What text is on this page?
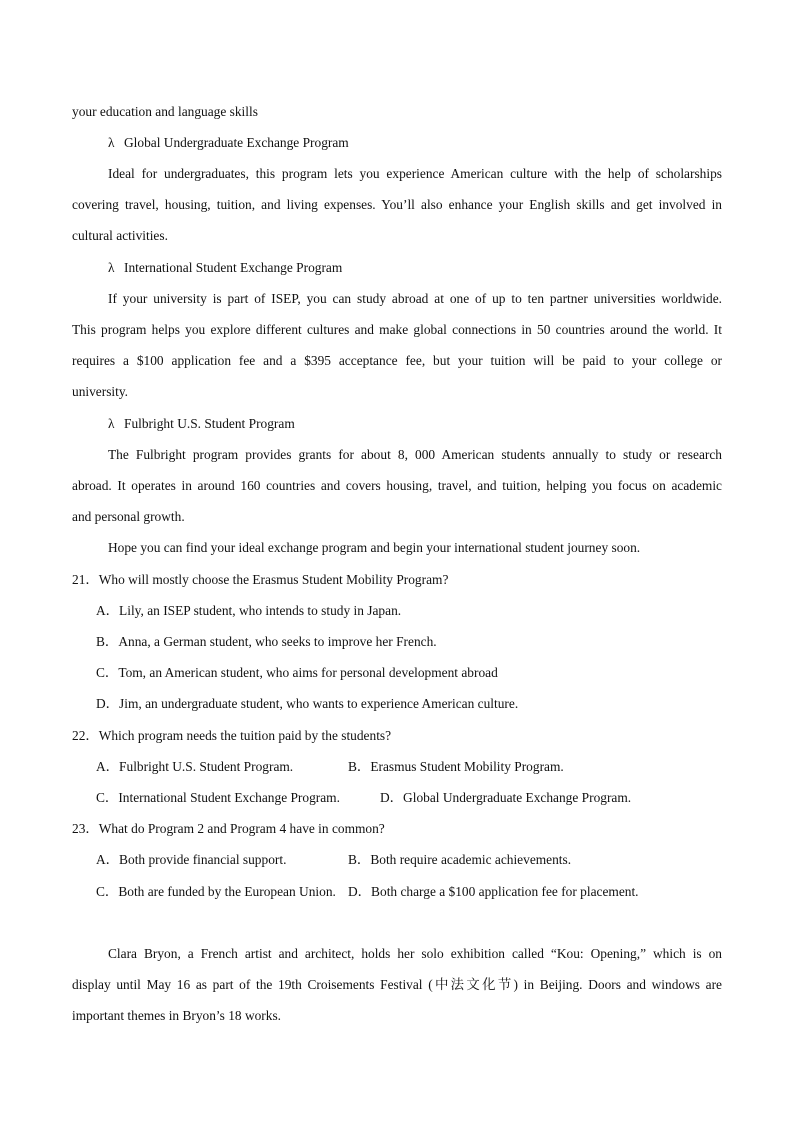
your education and language skills
λ Global Undergraduate Exchange Program
Ideal for undergraduates, this program lets you experience American culture with the help of scholarships
covering travel, housing, tuition, and living expenses. You’ll also enhance your English skills and get involved in
cultural activities.
λ International Student Exchange Program
If your university is part of ISEP, you can study abroad at one of up to ten partner universities worldwide.
This program helps you explore different cultures and make global connections in 50 countries around the world. It
requires a $100 application fee and a $395 acceptance fee, but your tuition will be paid to your college or
university.
λ Fulbright U.S. Student Program
The Fulbright program provides grants for about 8, 000 American students annually to study or research
abroad. It operates in around 160 countries and covers housing, travel, and tuition, helping you focus on academic
and personal growth.
Hope you can find your ideal exchange program and begin your international student journey soon.
21．Who will mostly choose the Erasmus Student Mobility Program?
A．Lily, an ISEP student, who intends to study in Japan.
B．Anna, a German student, who seeks to improve her French.
C．Tom, an American student, who aims for personal development abroad
D．Jim, an undergraduate student, who wants to experience American culture.
22．Which program needs the tuition paid by the students?
A．Fulbright U.S. Student Program.	B．Erasmus Student Mobility Program.
C．International Student Exchange Program.	D．Global Undergraduate Exchange Program.
23．What do Program 2 and Program 4 have in common?
A．Both provide financial support.	B．Both require academic achievements.
C．Both are funded by the European Union. D．Both charge a $100 application fee for placement.
Clara Bryon, a French artist and architect, holds her solo exhibition called “Kou: Opening,” which is on
display until May 16 as part of the 19th Croisements Festival (中法文化节) in Beijing. Doors and windows are
important themes in Bryon’s 18 works.
